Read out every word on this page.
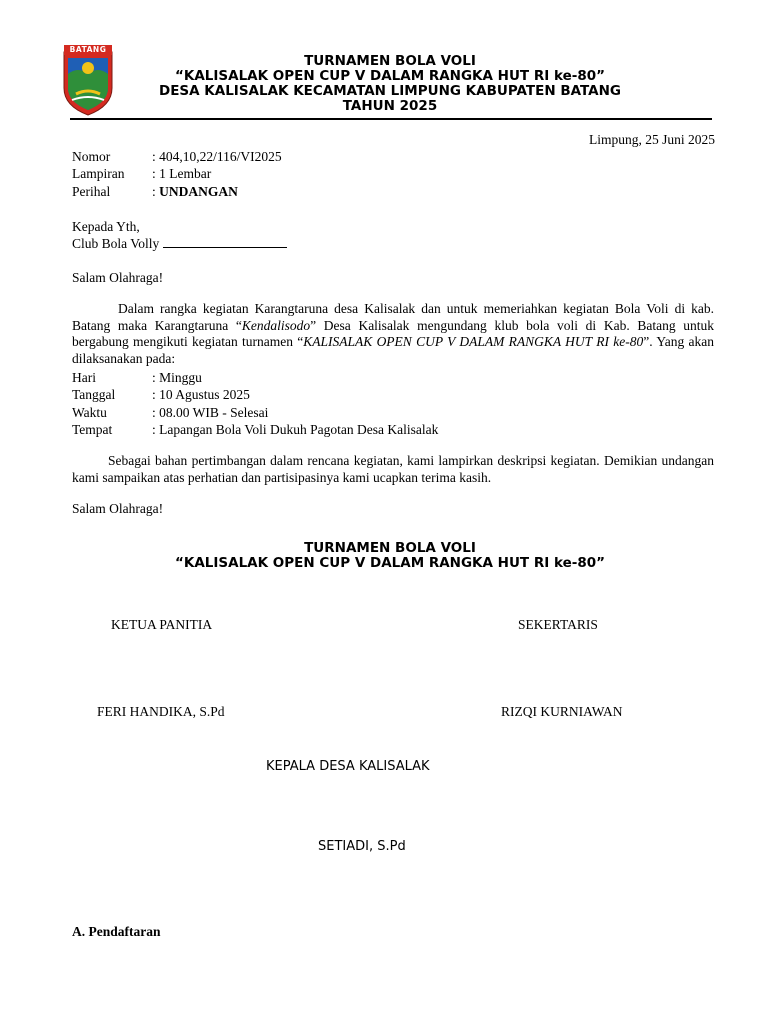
BATANG
TURNAMEN BOLA VOLI
“KALISALAK OPEN CUP V DALAM RANGKA HUT RI ke-80”
DESA KALISALAK KECAMATAN LIMPUNG KABUPATEN BATANG
TAHUN 2025
Limpung, 25 Juni 2025
Nomor	: 404,10,22/116/VI2025
Lampiran : 1 Lembar
Perihal	: UNDANGAN
Kepada Yth,
Club Bola Volly
Salam Olahraga!
Dalam rangka kegiatan Karangtaruna desa Kalisalak dan untuk memeriahkan kegiatan Bola Voli di kab. Batang maka Karangtaruna “Kendalisodo” Desa Kalisalak mengundang klub bola voli di Kab. Batang untuk bergabung mengikuti kegiatan turnamen “KALISALAK OPEN CUP V DALAM RANGKA HUT RI ke-80”. Yang akan dilaksanakan pada:
Hari	: Minggu
Tanggal	: 10 Agustus 2025
Waktu	: 08.00 WIB - Selesai
Tempat	: Lapangan Bola Voli Dukuh Pagotan Desa Kalisalak
Sebagai bahan pertimbangan dalam rencana kegiatan, kami lampirkan deskripsi kegiatan. Demikian undangan kami sampaikan atas perhatian dan partisipasinya kami ucapkan terima kasih.
Salam Olahraga!
TURNAMEN BOLA VOLI
“KALISALAK OPEN CUP V DALAM RANGKA HUT RI ke-80”
KETUA PANITIA	SEKERTARIS
FERI HANDIKA, S.Pd	RIZQI KURNIAWAN
KEPALA DESA KALISALAK
SETIADI, S.Pd
A. Pendaftaran
